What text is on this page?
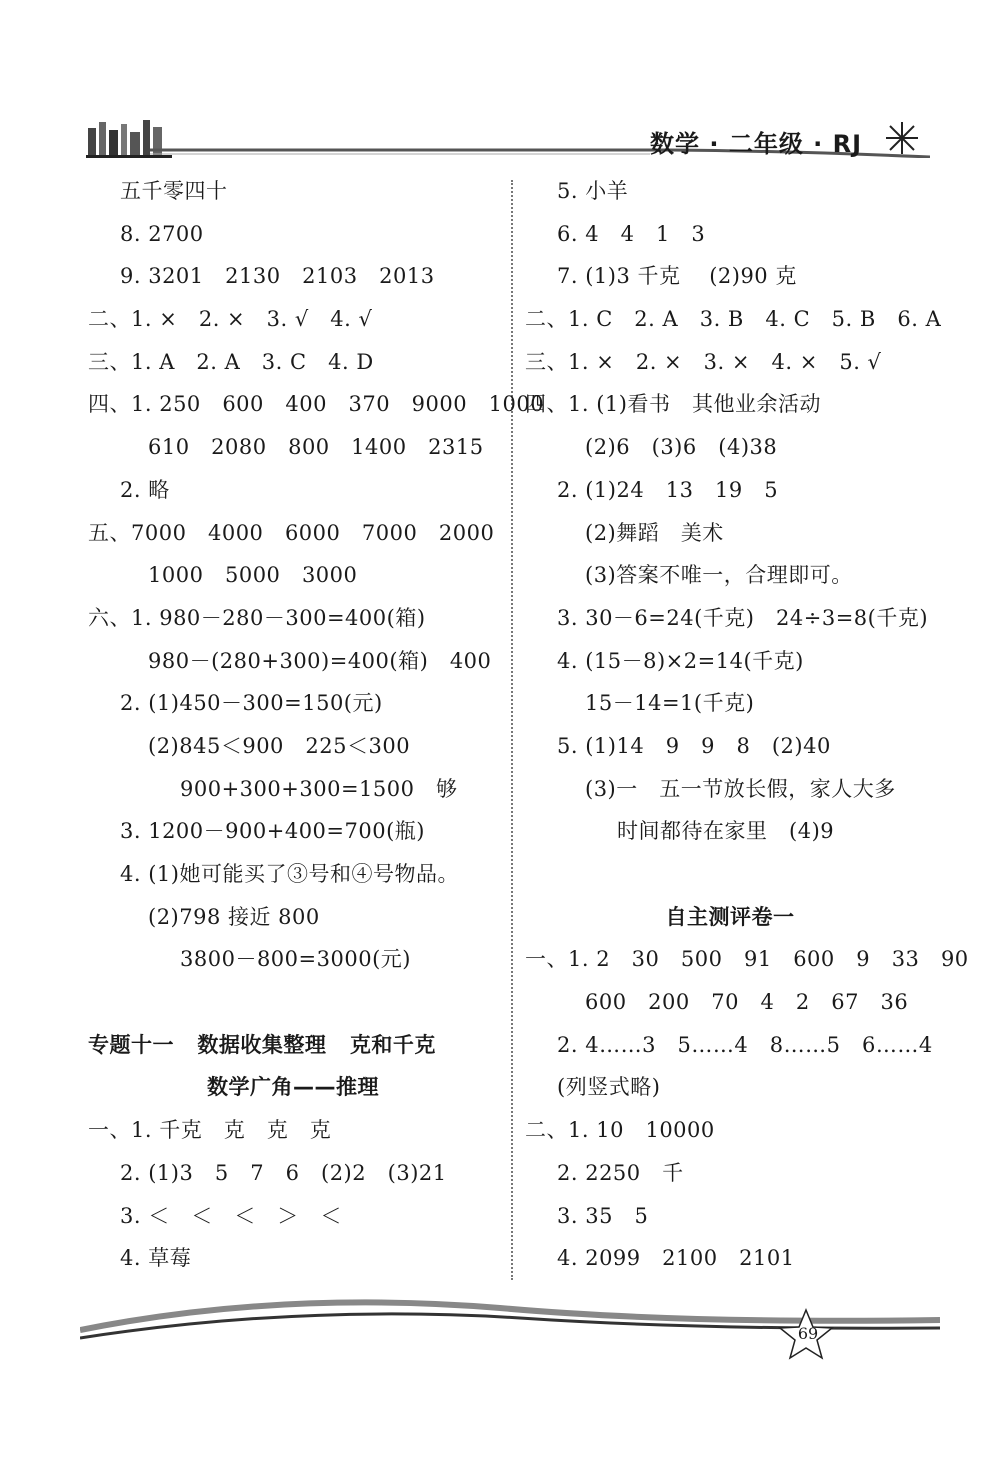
数学 · 二年级 · RJ
五千零四十
8. 2700
9. 3201   2130   2103   2013
二、1. ×   2. ×   3. √   4. √
三、1. A   2. A   3. C   4. D
四、1. 250   600   400   370   9000   1000
610   2080   800   1400   2315
2. 略
五、7000   4000   6000   7000   2000
1000   5000   3000
六、1. 980－280－300=400(箱)
980－(280+300)=400(箱)   400
2. (1)450－300=150(元)
(2)845＜900   225＜300
900+300+300=1500   够
3. 1200－900+400=700(瓶)
4. (1)她可能买了③号和④号物品。
(2)798 接近 800
3800－800=3000(元)
专题十一   数据收集整理   克和千克
数学广角——推理
一、1. 千克   克   克   克
2. (1)3   5   7   6   (2)2   (3)21
3. ＜   ＜   ＜   ＞   ＜
4. 草莓
5. 小羊
6. 4   4   1   3
7. (1)3 千克    (2)90 克
二、1. C   2. A   3. B   4. C   5. B   6. A
三、1. ×   2. ×   3. ×   4. ×   5. √
四、1. (1)看书   其他业余活动
(2)6   (3)6   (4)38
2. (1)24   13   19   5
(2)舞蹈   美术
(3)答案不唯一，合理即可。
3. 30－6=24(千克)   24÷3=8(千克)
4. (15－8)×2=14(千克)
15－14=1(千克)
5. (1)14   9   9   8   (2)40
(3)一   五一节放长假，家人大多
时间都待在家里   (4)9
自主测评卷一
一、1. 2   30   500   91   600   9   33   90
600   200   70   4   2   67   36
2. 4……3   5……4   8……5   6……4
(列竖式略)
二、1. 10   10000
2. 2250   千
3. 35   5
4. 2099   2100   2101
69
